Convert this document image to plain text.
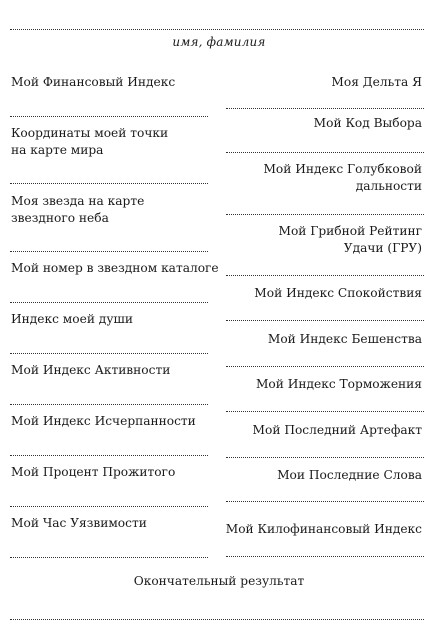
имя, фамилия
Мой Финансовый Индекс
Координаты моей точки
на карте мира
Моя звезда на карте
звездного неба
Мой номер в звездном каталоге
Индекс моей души
Мой Индекс Активности
Мой Индекс Исчерпанности
Мой Процент Прожитого
Мой Час Уязвимости
Моя Дельта Я
Мой Код Выбора
Мой Индекс Голубковой
дальности
Мой Грибной Рейтинг
Удачи (ГРУ)
Мой Индекс Спокойствия
Мой Индекс Бешенства
Мой Индекс Торможения
Мой Последний Артефакт
Мои Последние Слова
Мой Килофинансовый Индекс
Окончательный результат
